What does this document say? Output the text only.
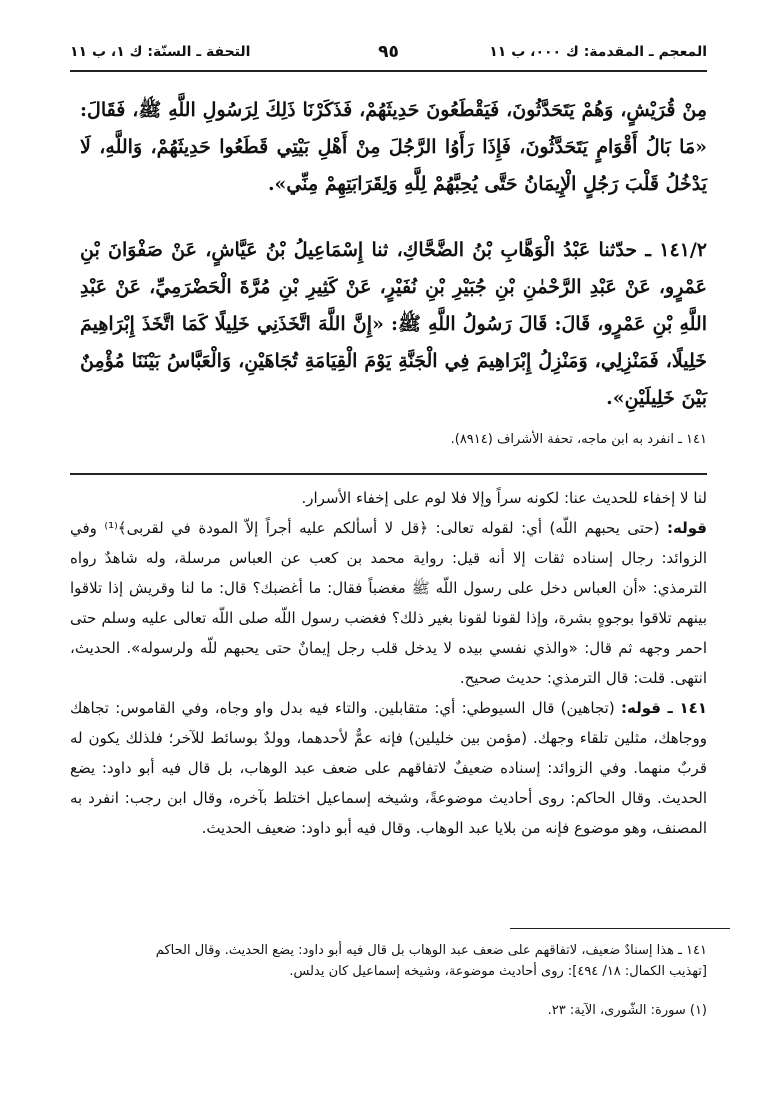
المعجم ـ المقدمة: ك ٠٠٠، ب ١١
٩٥
التحفة ـ السنّة: ك ١، ب ١١
مِنْ قُرَيْشٍ، وَهُمْ يَتَحَدَّثُونَ، فَيَقْطَعُونَ حَدِيثَهُمْ، فَذَكَرْنَا ذَلِكَ لِرَسُولِ اللَّهِ ﷺ، فَقَالَ: «مَا بَالُ أَقْوَامٍ يَتَحَدَّثُونَ، فَإِذَا رَأَوُا الرَّجُلَ مِنْ أَهْلِ بَيْتِي قَطَعُوا حَدِيثَهُمْ، وَاللَّهِ، لَا يَدْخُلُ قَلْبَ رَجُلٍ الْإِيمَانُ حَتَّى يُحِبَّهُمْ لِلَّهِ وَلِقَرَابَتِهِمْ مِنِّي».
١٤١/٢ ـ حدّثنا عَبْدُ الْوَهَّابِ بْنُ الضَّحَّاكِ، ثنا إِسْمَاعِيلُ بْنُ عَيَّاشٍ، عَنْ صَفْوَانَ بْنِ عَمْرٍو، عَنْ عَبْدِ الرَّحْمٰنِ بْنِ جُبَيْرِ بْنِ نُفَيْرٍ، عَنْ كَثِيرِ بْنِ مُرَّةَ الْحَضْرَمِيِّ، عَنْ عَبْدِ اللَّهِ بْنِ عَمْرٍو، قَالَ: قَالَ رَسُولُ اللَّهِ ﷺ: «إِنَّ اللَّهَ اتَّخَذَنِي خَلِيلًا كَمَا اتَّخَذَ إِبْرَاهِيمَ خَلِيلًا، فَمَنْزِلِي، وَمَنْزِلُ إِبْرَاهِيمَ فِي الْجَنَّةِ يَوْمَ الْقِيَامَةِ تُجَاهَيْنِ، وَالْعَبَّاسُ بَيْنَنَا مُؤْمِنٌ بَيْنَ خَلِيلَيْنِ».
١٤١ ـ انفرد به ابن ماجه، تحفة الأشراف (٨٩١٤).
لنا لا إخفاء للحديث عنا: لكونه سراً وإلا فلا لوم على إخفاء الأسرار.
قوله: (حتى يحبهم اللّه) أي: لقوله تعالى: ﴿قل لا أسألكم عليه أجراً إلاّ المودة في لقربى﴾⁽¹⁾ وفي الزوائد: رجال إسناده ثقات إلا أنه قيل: رواية محمد بن كعب عن العباس مرسلة، وله شاهدٌ رواه الترمذي: «أن العباس دخل على رسول اللّه ﷺ مغضباً فقال: ما أغضبك؟ قال: ما لنا وقريش إذا تلاقوا بينهم تلاقوا بوجوهٍ بشرة، وإذا لقونا لقونا بغير ذلك؟ فغضب رسول اللّه صلى اللّه تعالى عليه وسلم حتى احمر وجهه ثم قال: «والذي نفسي بيده لا يدخل قلب رجل إيمانٌ حتى يحبهم للّه ولرسوله». الحديث، انتهى. قلت: قال الترمذي: حديث صحيح.
١٤١ ـ قوله: (تجاهين) قال السيوطي: أي: متقابلين. والتاء فيه بدل واو وجاه، وفي القاموس: تجاهك ووجاهك، مثلين تلقاء وجهك. (مؤمن بين خليلين) فإنه عمٌّ لأحدهما، وولدٌ بوسائط للآخر؛ فلذلك يكون له قربٌ منهما. وفي الزوائد: إسناده ضعيفٌ لاتفاقهم على ضعف عبد الوهاب، بل قال فيه أبو داود: يضع الحديث. وقال الحاكم: روى أحاديث موضوعةً، وشيخه إسماعيل اختلط بآخره، وقال ابن رجب: انفرد به المصنف، وهو موضوع فإنه من بلايا عبد الوهاب. وقال فيه أبو داود: ضعيف الحديث.
١٤١ ـ هذا إسنادٌ ضعيف، لاتفاقهم على ضعف عبد الوهاب بل قال فيه أبو داود: يضع الحديث. وقال الحاكم
[تهذيب الكمال: ١٨/ ٤٩٤]: روى أحاديث موضوعة، وشيخه إسماعيل كان يدلس.
(١) سورة: الشّورى، الآية: ٢٣.
